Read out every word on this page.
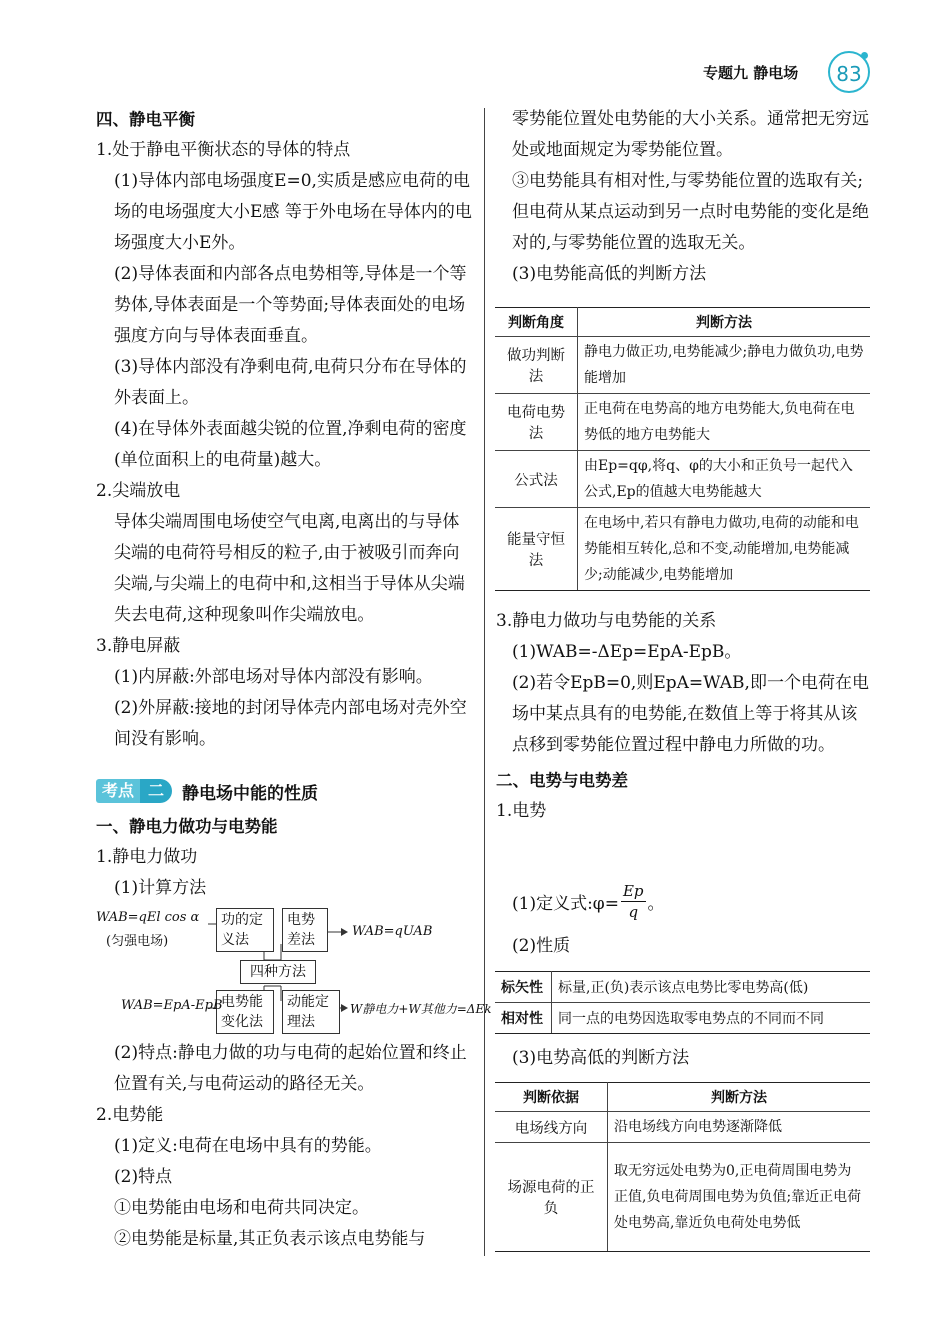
专题九 静电场	83

四、静电平衡

1.处于静电平衡状态的导体的特点

(1)导体内部电场强度E=0,实质是感应电荷的电场的电场强度大小E感 等于外电场在导体内的电场强度大小E外。

(2)导体表面和内部各点电势相等,导体是一个等势体,导体表面是一个等势面;导体表面处的电场强度方向与导体表面垂直。

(3)导体内部没有净剩电荷,电荷只分布在导体的外表面上。

(4)在导体外表面越尖锐的位置,净剩电荷的密度(单位面积上的电荷量)越大。

2.尖端放电

导体尖端周围电场使空气电离,电离出的与导体尖端的电荷符号相反的粒子,由于被吸引而奔向尖端,与尖端上的电荷中和,这相当于导体从尖端失去电荷,这种现象叫作尖端放电。

3.静电屏蔽

(1)内屏蔽:外部电场对导体内部没有影响。

(2)外屏蔽:接地的封闭导体壳内部电场对壳外空间没有影响。

考点 二	静电场中能的性质

一、静电力做功与电势能

1.静电力做功

(1)计算方法

WAB=qEl cos α
(匀强电场)
功的定义法
电势差法
WAB=qUAB
四种方法
电势能变化法
动能定理法
WAB=EpA-EpB	W静电力+W其他力=ΔEk

(2)特点:静电力做的功与电荷的起始位置和终止位置有关,与电荷运动的路径无关。

2.电势能

(1)定义:电荷在电场中具有的势能。

(2)特点

①电势能由电场和电荷共同决定。

②电势能是标量,其正负表示该点电势能与

零势能位置处电势能的大小关系。通常把无穷远处或地面规定为零势能位置。

③电势能具有相对性,与零势能位置的选取有关;但电荷从某点运动到另一点时电势能的变化是绝对的,与零势能位置的选取无关。

(3)电势能高低的判断方法

判断角度	判断方法
做功判断法	静电力做正功,电势能减少;静电力做负功,电势能增加
电荷电势法	正电荷在电势高的地方电势能大,负电荷在电势低的地方电势能大
公式法	由Ep=qφ,将q、φ的大小和正负号一起代入公式,Ep的值越大电势能越大
能量守恒法	在电场中,若只有静电力做功,电荷的动能和电势能相互转化,总和不变,动能增加,电势能减少;动能减少,电势能增加

3.静电力做功与电势能的关系

(1)WAB=-ΔEp=EpA-EpB。

(2)若令EpB=0,则EpA=WAB,即一个电荷在电场中某点具有的电势能,在数值上等于将其从该点移到零势能位置过程中静电力所做的功。

二、电势与电势差

1.电势

(1)定义式:φ= $\frac{Ep}{q}$ 。
(2)性质
标矢性	标量,正(负)表示该点电势比零电势高(低)
相对性	同一点的电势因选取零电势点的不同而不同
(3)电势高低的判断方法
判断依据	判断方法
电场线方向	沿电场线方向电势逐渐降低
场源电荷的正负	取无穷远处电势为0,正电荷周围电势为正值,负电荷周围电势为负值;靠近正电荷处电势高,靠近负电荷处电势低
